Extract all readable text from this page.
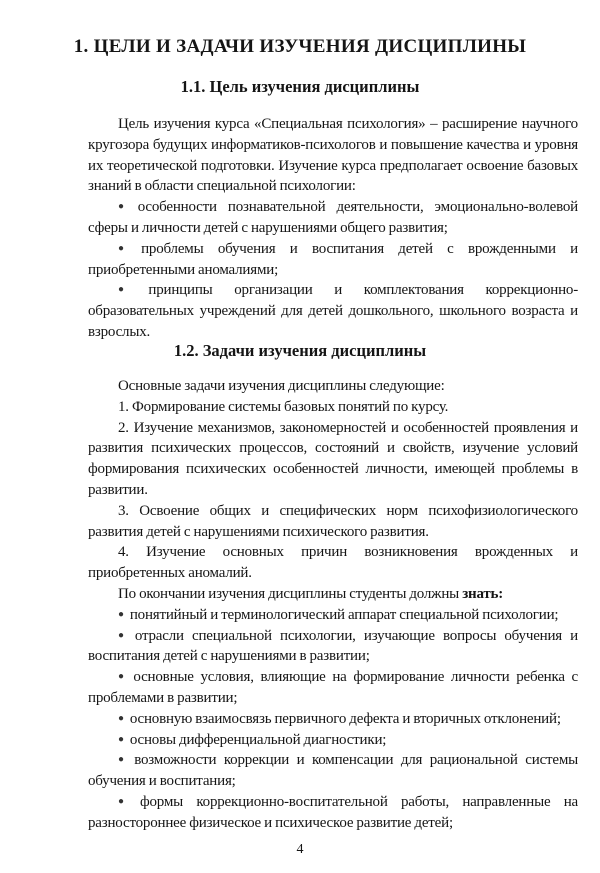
1. ЦЕЛИ И ЗАДАЧИ ИЗУЧЕНИЯ ДИСЦИПЛИНЫ
1.1. Цель изучения дисциплины

Цель изучения курса «Специальная психология» – расширение научного кругозора будущих информатиков-психологов и повышение качества и уровня их теоретической подготовки. Изучение курса предполагает освоение базовых знаний в области специальной психологии:

● особенности познавательной деятельности, эмоционально-волевой сферы и личности детей с нарушениями общего развития;

● проблемы обучения и воспитания детей с врожденными и приобретенными аномалиями;

● принципы организации и комплектования коррекционно-образовательных учреждений для детей дошкольного, школьного возраста и взрослых.

1.2. Задачи изучения дисциплины

Основные задачи изучения дисциплины следующие:

1. Формирование системы базовых понятий по курсу.

2. Изучение механизмов, закономерностей и особенностей проявления и развития психических процессов, состояний и свойств, изучение условий формирования психических особенностей личности, имеющей проблемы в развитии.

3. Освоение общих и специфических норм психофизиологического развития детей с нарушениями психического развития.

4. Изучение основных причин возникновения врожденных и приобретенных аномалий.

По окончании изучения дисциплины студенты должны знать:

● понятийный и терминологический аппарат специальной психологии;

● отрасли специальной психологии, изучающие вопросы обучения и воспитания детей с нарушениями в развитии;

● основные условия, влияющие на формирование личности ребенка с проблемами в развитии;

● основную взаимосвязь первичного дефекта и вторичных отклонений;

● основы дифференциальной диагностики;

● возможности коррекции и компенсации для рациональной системы обучения и воспитания;

● формы коррекционно-воспитательной работы, направленные на разностороннее физическое и психическое развитие детей;

4
